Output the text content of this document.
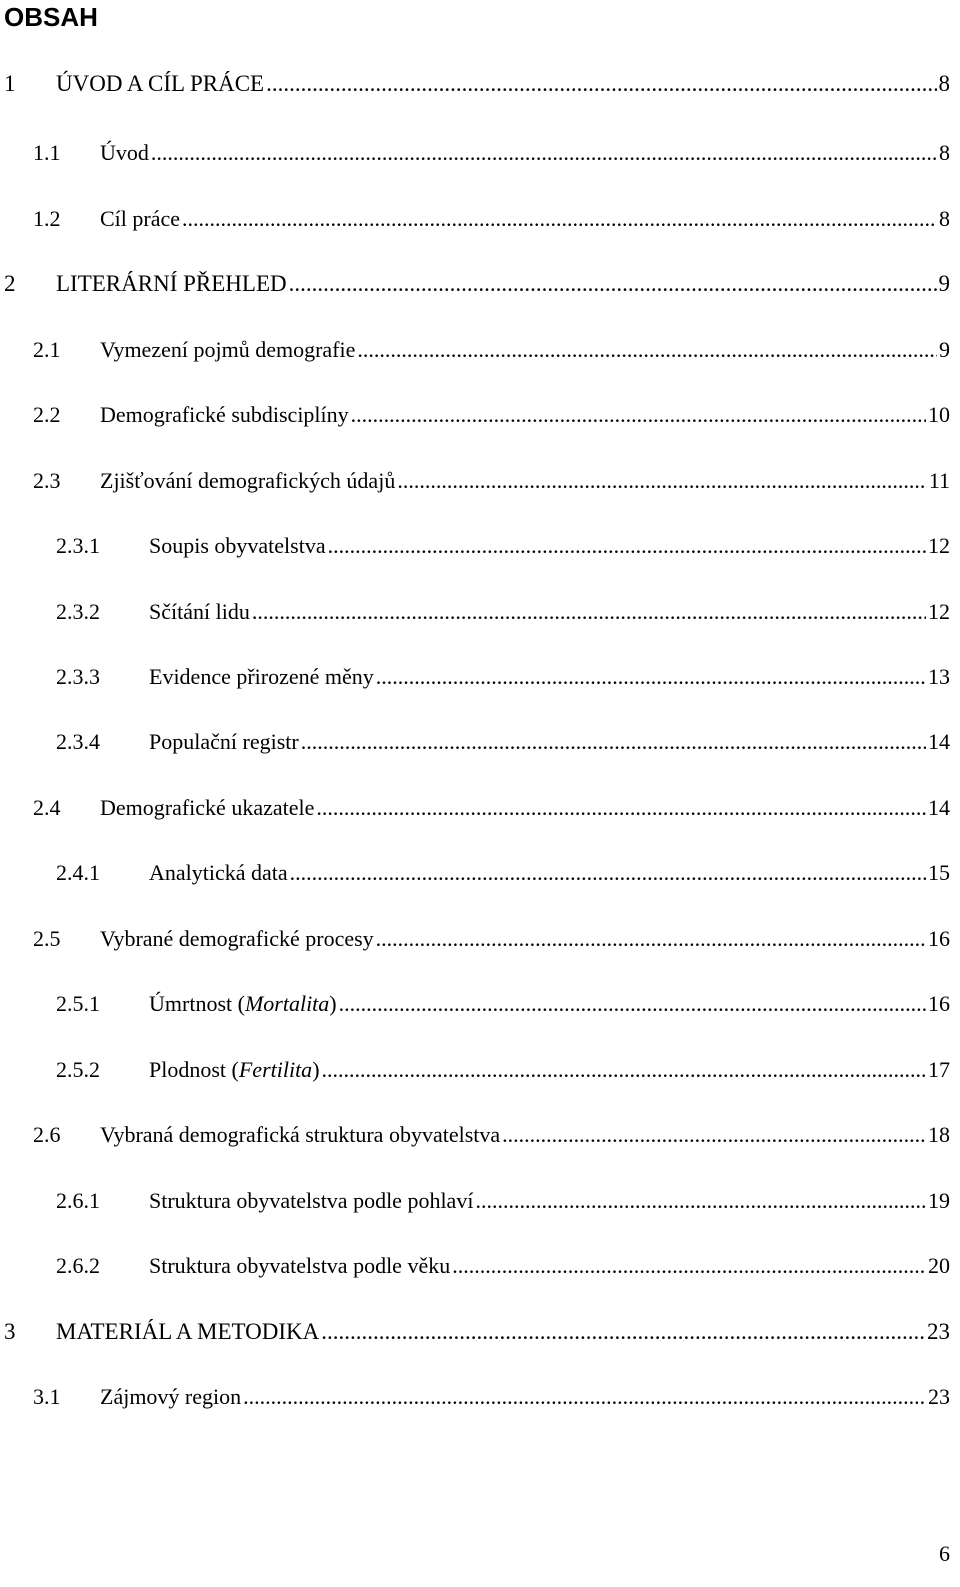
OBSAH
1	ÚVOD A CÍL PRÁCE .....	8
1.1	Úvod .....	8
1.2	Cíl práce .....	8
2	LITERÁRNÍ PŘEHLED .....	9
2.1	Vymezení pojmů demografie .....	9
2.2	Demografické subdisciplíny .....	10
2.3	Zjišťování demografických údajů .....	11
2.3.1	Soupis obyvatelstva .....	12
2.3.2	Sčítání lidu .....	12
2.3.3	Evidence přirozené měny .....	13
2.3.4	Populační registr .....	14
2.4	Demografické ukazatele .....	14
2.4.1	Analytická data .....	15
2.5	Vybrané demografické procesy .....	16
2.5.1	Úmrtnost (Mortalita) .....	16
2.5.2	Plodnost (Fertilita) .....	17
2.6	Vybraná demografická struktura obyvatelstva .....	18
2.6.1	Struktura obyvatelstva podle pohlaví .....	19
2.6.2	Struktura obyvatelstva podle věku .....	20
3	MATERIÁL A METODIKA .....	23
3.1	Zájmový region .....	23
6
